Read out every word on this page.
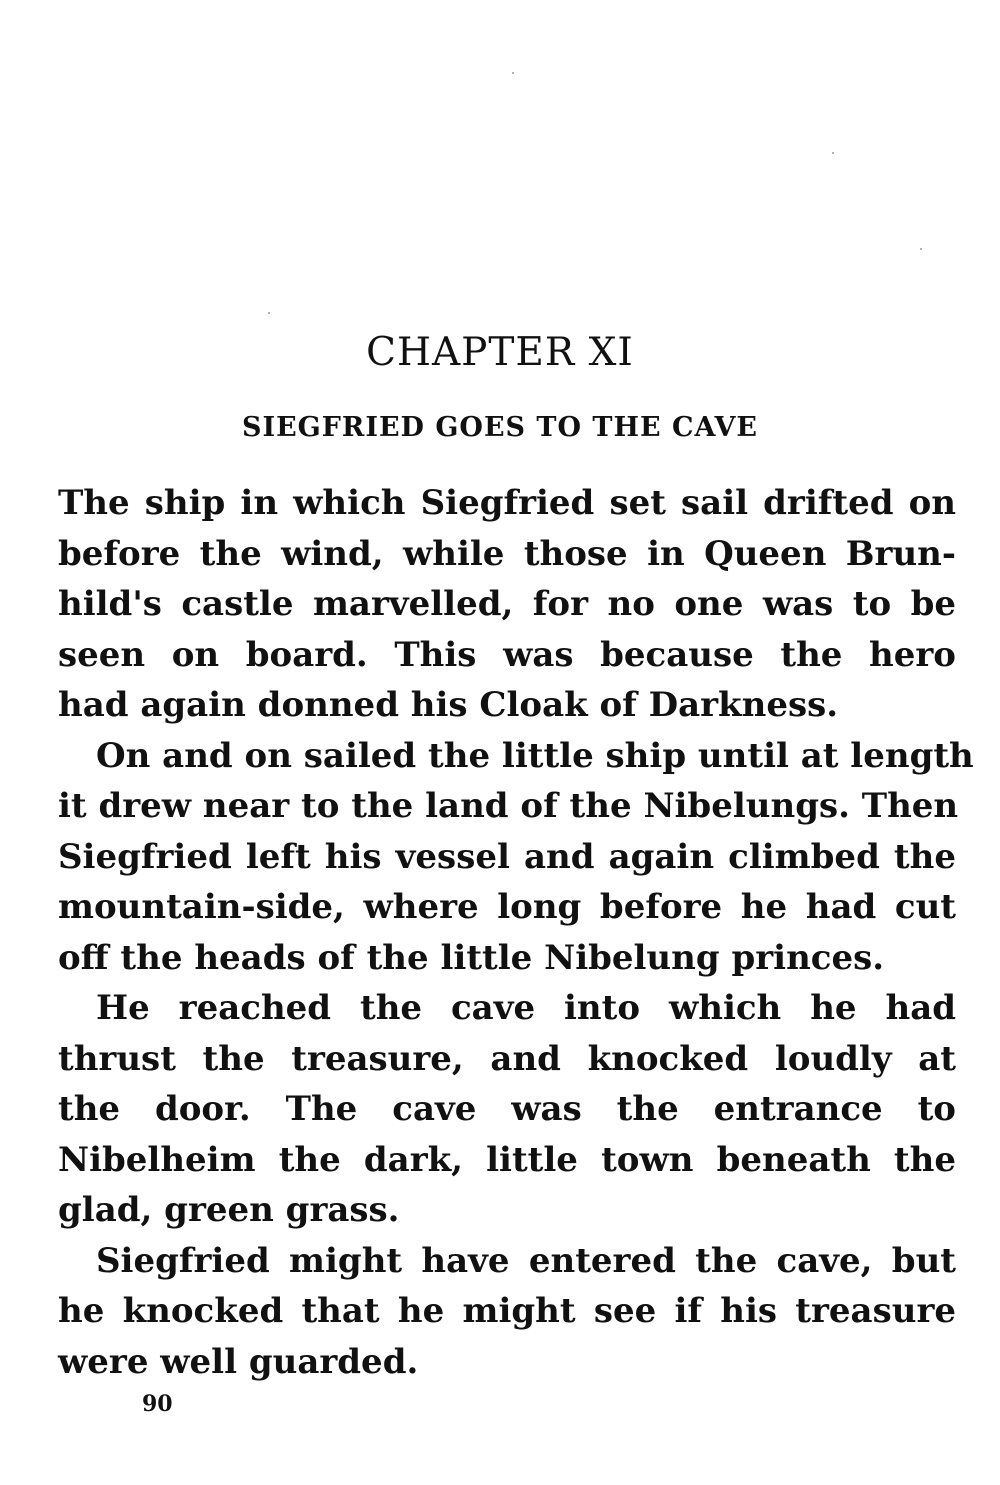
CHAPTER XI
SIEGFRIED GOES TO THE CAVE

The ship in which Siegfried set sail drifted on
before the wind, while those in Queen Brun-
hild's castle marvelled, for no one was to be
seen on board. This was because the hero
had again donned his Cloak of Darkness.

On and on sailed the little ship until at length
it drew near to the land of the Nibelungs. Then
Siegfried left his vessel and again climbed the
mountain-side, where long before he had cut
off the heads of the little Nibelung princes.

He reached the cave into which he had
thrust the treasure, and knocked loudly at
the door. The cave was the entrance to
Nibelheim the dark, little town beneath the
glad, green grass.

Siegfried might have entered the cave, but
he knocked that he might see if his treasure
were well guarded.

90
